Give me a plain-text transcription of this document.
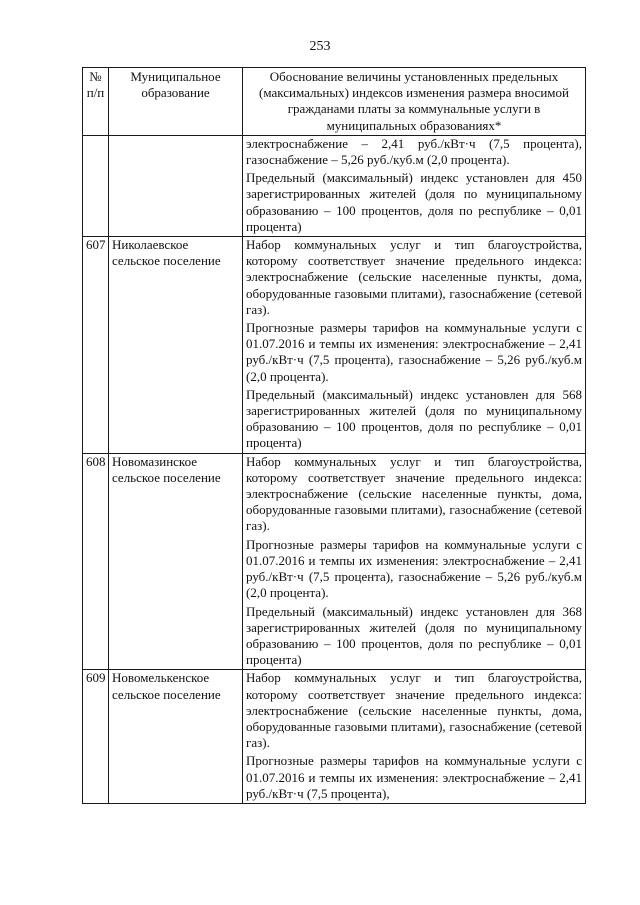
253
№ п/п	Муниципальное образование	Обоснование величины установленных предельных (максимальных) индексов изменения размера вносимой гражданами платы за коммунальные услуги в муниципальных образованиях*

		электроснабжение – 2,41 руб./кВт·ч (7,5 процента), газоснабжение – 5,26 руб./куб.м (2,0 процента).

Предельный (максимальный) индекс установлен для 450 зарегистрированных жителей (доля по муниципальному образованию – 100 процентов, доля по республике – 0,01 процента)

607	Николаевское сельское поселение	Набор коммунальных услуг и тип благоустройства, которому соответствует значение предельного индекса: электроснабжение (сельские населенные пункты, дома, оборудованные газовыми плитами), газоснабжение (сетевой газ).

Прогнозные размеры тарифов на коммунальные услуги с 01.07.2016 и темпы их изменения: электроснабжение – 2,41 руб./кВт·ч (7,5 процента), газоснабжение – 5,26 руб./куб.м (2,0 процента).

Предельный (максимальный) индекс установлен для 568 зарегистрированных жителей (доля по муниципальному образованию – 100 процентов, доля по республике – 0,01 процента)

608	Новомазинское сельское поселение	Набор коммунальных услуг и тип благоустройства, которому соответствует значение предельного индекса: электроснабжение (сельские населенные пункты, дома, оборудованные газовыми плитами), газоснабжение (сетевой газ).

Прогнозные размеры тарифов на коммунальные услуги с 01.07.2016 и темпы их изменения: электроснабжение – 2,41 руб./кВт·ч (7,5 процента), газоснабжение – 5,26 руб./куб.м (2,0 процента).

Предельный (максимальный) индекс установлен для 368 зарегистрированных жителей (доля по муниципальному образованию – 100 процентов, доля по республике – 0,01 процента)

609	Новомелькенское сельское поселение	Набор коммунальных услуг и тип благоустройства, которому соответствует значение предельного индекса: электроснабжение (сельские населенные пункты, дома, оборудованные газовыми плитами), газоснабжение (сетевой газ).

Прогнозные размеры тарифов на коммунальные услуги с 01.07.2016 и темпы их изменения: электроснабжение – 2,41 руб./кВт·ч (7,5 процента),
